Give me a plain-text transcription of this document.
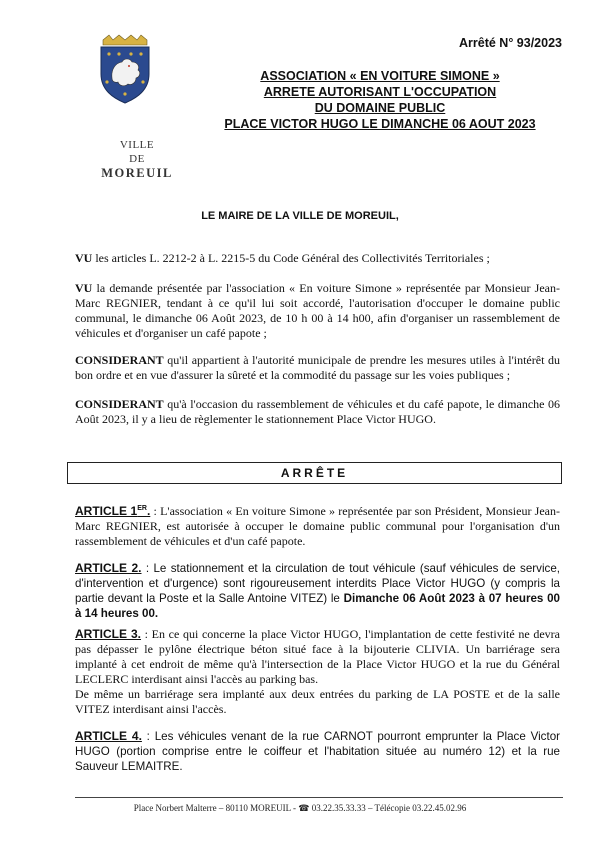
Arrêté N° 93/2023
VILLE
DE
MOREUIL
ASSOCIATION « EN VOITURE SIMONE »
ARRETE AUTORISANT L'OCCUPATION
DU DOMAINE PUBLIC
PLACE VICTOR HUGO LE DIMANCHE 06 AOUT 2023
LE MAIRE DE LA VILLE DE MOREUIL,
VU les articles L. 2212-2 à L. 2215-5 du Code Général des Collectivités Territoriales ;
VU la demande présentée par l'association « En voiture Simone » représentée par Monsieur Jean-Marc REGNIER, tendant à ce qu'il lui soit accordé, l'autorisation d'occuper le domaine public communal, le dimanche 06 Août 2023, de 10 h 00 à 14 h00, afin d'organiser un rassemblement de véhicules et d'organiser un café papote ;
CONSIDERANT qu'il appartient à l'autorité municipale de prendre les mesures utiles à l'intérêt du bon ordre et en vue d'assurer la sûreté et la commodité du passage sur les voies publiques ;
CONSIDERANT qu'à l'occasion du rassemblement de véhicules et du café papote, le dimanche 06 Août 2023, il y a lieu de règlementer le stationnement Place Victor HUGO.
ARRÊTE
ARTICLE 1ER. : L'association « En voiture Simone » représentée par son Président, Monsieur Jean-Marc REGNIER, est autorisée à occuper le domaine public communal pour l'organisation d'un rassemblement de véhicules et d'un café papote.
ARTICLE 2. : Le stationnement et la circulation de tout véhicule (sauf véhicules de service, d'intervention et d'urgence) sont rigoureusement interdits Place Victor HUGO (y compris la partie devant la Poste et la Salle Antoine VITEZ) le Dimanche 06 Août 2023 à 07 heures 00 à 14 heures 00.
ARTICLE 3. : En ce qui concerne la place Victor HUGO, l'implantation de cette festivité ne devra pas dépasser le pylône électrique béton situé face à la bijouterie CLIVIA. Un barriérage sera implanté à cet endroit de même qu'à l'intersection de la Place Victor HUGO et la rue du Général LECLERC interdisant ainsi l'accès au parking bas.
De même un barriérage sera implanté aux deux entrées du parking de LA POSTE et de la salle VITEZ interdisant ainsi l'accès.
ARTICLE 4. : Les véhicules venant de la rue CARNOT pourront emprunter la Place Victor HUGO (portion comprise entre le coiffeur et l'habitation située au numéro 12) et la rue Sauveur LEMAITRE.
Place Norbert Malterre – 80110 MOREUIL - ☎ 03.22.35.33.33 – Télécopie 03.22.45.02.96
